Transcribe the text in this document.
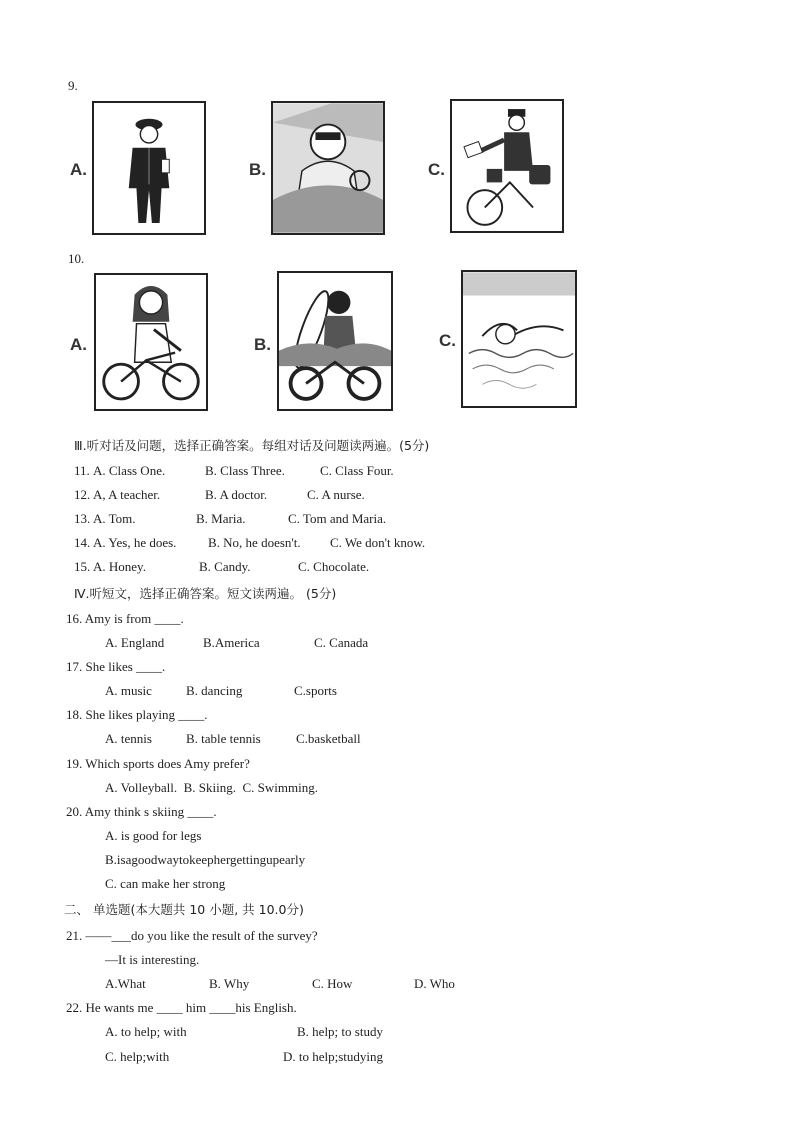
9.
A.	B.	C.
10.
A.	B.	C.
Ⅲ.听对话及问题，选择正确答案。每组对话及问题读两遍。(5分)
11. A. Class One.	B. Class Three.	C. Class Four.
12. A, A teacher.	B. A doctor.	C. A nurse.
13. A. Tom.	B. Maria.	C. Tom and Maria.
14. A. Yes, he does. B. No, he doesn't. C. We don't know.
15. A. Honey.	B. Candy.	C. Chocolate.
Ⅳ.听短文，选择正确答案。短文读两遍。 (5分)
16. Amy is from ____.
A. England	B.America	C. Canada
17. She likes ____.
A. music	B. dancing	C.sports
18. She likes playing ____.
A. tennis	B. table tennis	C.basketball
19. Which sports does Amy prefer?
A. Volleyball.  B. Skiing.  C. Swimming.
20. Amy think s skiing ____.
A. is good for legs
B.isagoodwaytokeephergettingupearly
C. can make her strong
二、 单选题(本大题共 10 小题, 共 10.0分)
21. ——___do you like the result of the survey?
—It is interesting.
A.What	B. Why	C. How	D. Who
22. He wants me ____ him ____his English.
A. to help; with	B. help; to study
C. help;with	D. to help;studying
